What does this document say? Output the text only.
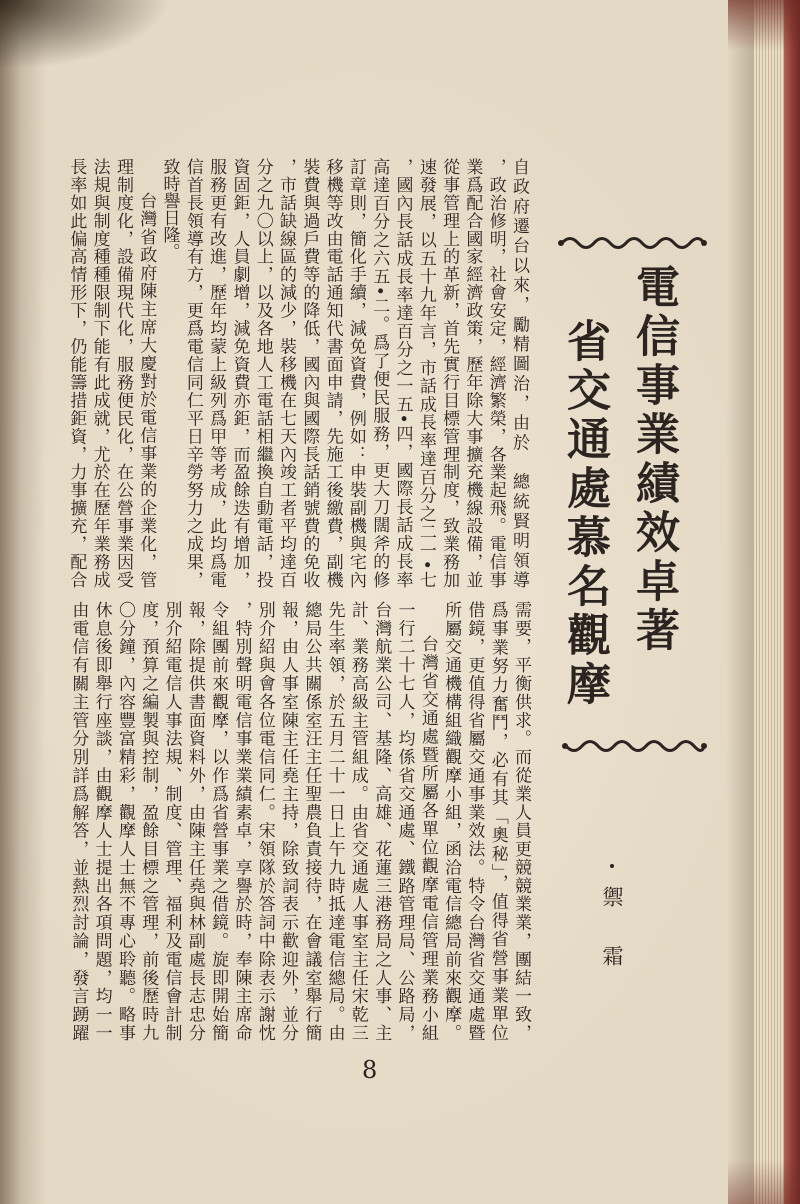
電信事業績效卓著
省交通處慕名觀摩
禦霜
自政府遷台以來，勵精圖治，由於　總統賢明領導
，政治修明，社會安定，經濟繁榮，各業起飛。電信事
業爲配合國家經濟政策，歷年除大事擴充機線設備，並
從事管理上的革新，首先實行目標管理制度，致業務加
速發展，以五十九年言，市話成長率達百分之二一•七
，國內長話成長率達百分之一五•四，國際長話成長率
高達百分之六五•二。爲了便民服務，更大刀闊斧的修
訂章則，簡化手續，減免資費，例如：申裝副機與宅內
移機等改由電話通知代書面申請，先施工後繳費，副機
裝費與過戶費等的降低，國內與國際長話銷號費的免收
，市話缺線區的減少，裝移機在七天內竣工者平均達百
分之九〇以上，以及各地人工電話相繼換自動電話，投
資固鉅，人員劇增，減免資費亦鉅，而盈餘迭有增加，
服務更有改進，歷年均蒙上級列爲甲等考成，此均爲電
信首長領導有方，更爲電信同仁平日辛勞努力之成果，
致時譽日隆。
台灣省政府陳主席大慶對於電信事業的企業化，管
理制度化，設備現代化，服務便民化，在公營事業因受
法規與制度種種限制下能有此成就，尤於在歷年業務成
長率如此偏高情形下，仍能籌措鉅資，力事擴充，配合
需要，平衡供求。而從業人員更競競業業，團結一致，
爲事業努力奮鬥，必有其「奧秘」，值得省營事業單位
借鏡，更值得省屬交通事業效法。特令台灣省交通處暨
所屬交通機構組織觀摩小組，函洽電信總局前來觀摩。
台灣省交通處暨所屬各單位觀摩電信管理業務小組
一行二十七人，均係省交通處、鐵路管理局、公路局，
台灣航業公司、基隆、高雄、花蓮三港務局之人事、主
計、業務高級主管組成。由省交通處人事室主任宋乾三
先生率領，於五月二十一日上午九時抵達電信總局。由
總局公共關係室汪主任聖農負責接待，在會議室舉行簡
報，由人事室陳主任堯主持，除致詞表示歡迎外，並分
別介紹與會各位電信同仁。宋領隊於答詞中除表示謝忱
，特別聲明電信事業業績素卓，享譽於時，奉陳主席命
令組團前來觀摩，以作爲省營事業之借鏡。旋即開始簡
報，除提供書面資料外，由陳主任堯與林副處長志忠分
別介紹電信人事法規、制度、管理、福利及電信會計制
度，預算之編製與控制，盈餘目標之管理，前後歷時九
〇分鐘，內容豐富精彩，觀摩人士無不專心聆聽。略事
休息後即舉行座談，由觀摩人士提出各項問題，均一一
由電信有關主管分別詳爲解答，並熱烈討論，發言踴躍
8
